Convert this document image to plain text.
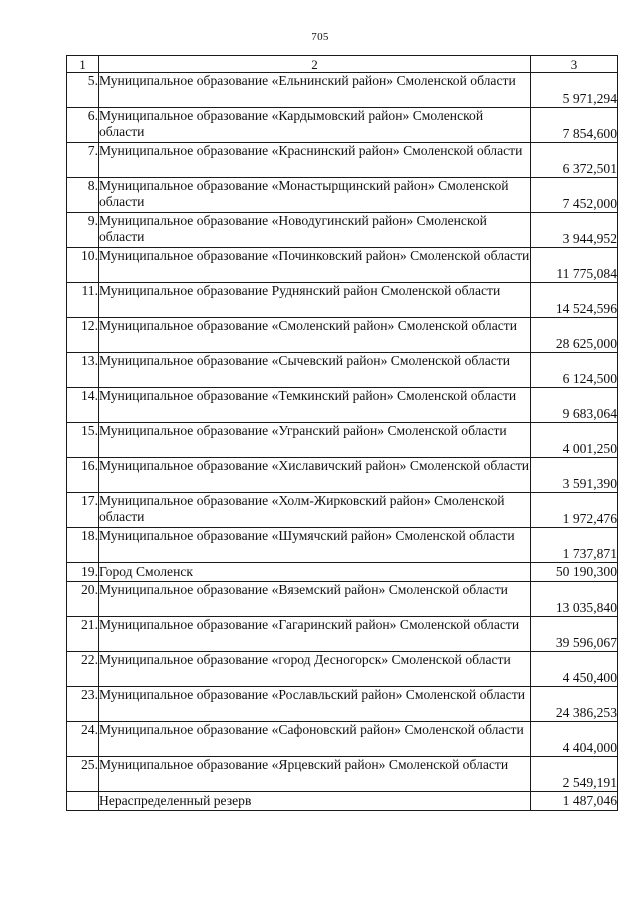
705
1	2	3
5.	Муниципальное образование «Ельнинский район» Смоленской области	5 971,294
6.	Муниципальное образование «Кардымовский район» Смоленской области	7 854,600
7.	Муниципальное образование «Краснинский район» Смоленской области	6 372,501
8.	Муниципальное образование «Монастырщинский район» Смоленской области	7 452,000
9.	Муниципальное образование «Новодугинский район» Смоленской области	3 944,952
10.	Муниципальное образование «Починковский район» Смоленской области	11 775,084
11.	Муниципальное образование Руднянский район Смоленской области	14 524,596
12.	Муниципальное образование «Смоленский район» Смоленской области	28 625,000
13.	Муниципальное образование «Сычевский район» Смоленской области	6 124,500
14.	Муниципальное образование «Темкинский район» Смоленской области	9 683,064
15.	Муниципальное образование «Угранский район» Смоленской области	4 001,250
16.	Муниципальное образование «Хиславичский район» Смоленской области	3 591,390
17.	Муниципальное образование «Холм-Жирковский район» Смоленской области	1 972,476
18.	Муниципальное образование «Шумячский район» Смоленской области	1 737,871
19.	Город Смоленск	50 190,300
20.	Муниципальное образование «Вяземский район» Смоленской области	13 035,840
21.	Муниципальное образование «Гагаринский район» Смоленской области	39 596,067
22.	Муниципальное образование «город Десногорск» Смоленской области	4 450,400
23.	Муниципальное образование «Рославльский район» Смоленской области	24 386,253
24.	Муниципальное образование «Сафоновский район» Смоленской области	4 404,000
25.	Муниципальное образование «Ярцевский район» Смоленской области	2 549,191
	Нераспределенный резерв	1 487,046
